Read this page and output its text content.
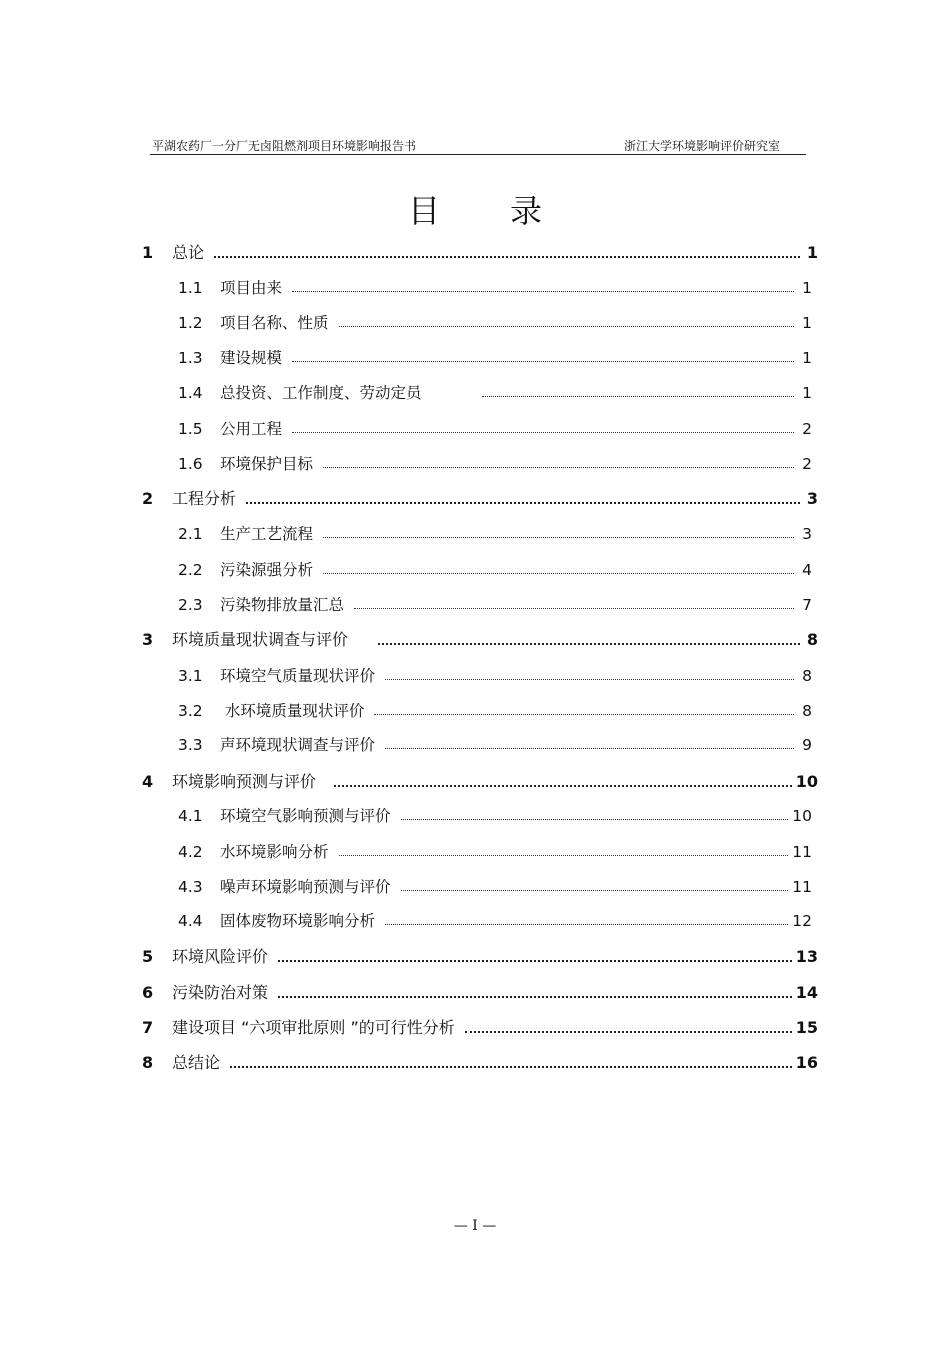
平湖农药厂一分厂无卤阻燃剂项目环境影响报告书	浙江大学环境影响评价研究室
目录
1	总论	1
1.1	项目由来	1
1.2	项目名称、性质	1
1.3	建设规模	1
1.4	总投资、工作制度、劳动定员	1
1.5	公用工程	2
1.6	环境保护目标	2
2	工程分析	3
2.1	生产工艺流程	3
2.2	污染源强分析	4
2.3	污染物排放量汇总	7
3	环境质量现状调查与评价	8
3.1	环境空气质量现状评价	8
3.2	水环境质量现状评价	8
3.3	声环境现状调查与评价	9
4	环境影响预测与评价	10
4.1	环境空气影响预测与评价	10
4.2	水环境影响分析	11
4.3	噪声环境影响预测与评价	11
4.4	固体废物环境影响分析	12
5	环境风险评价	13
6	污染防治对策	14
7	建设项目 “六项审批原则 ”的可行性分析	15
8	总结论	16
— I —
